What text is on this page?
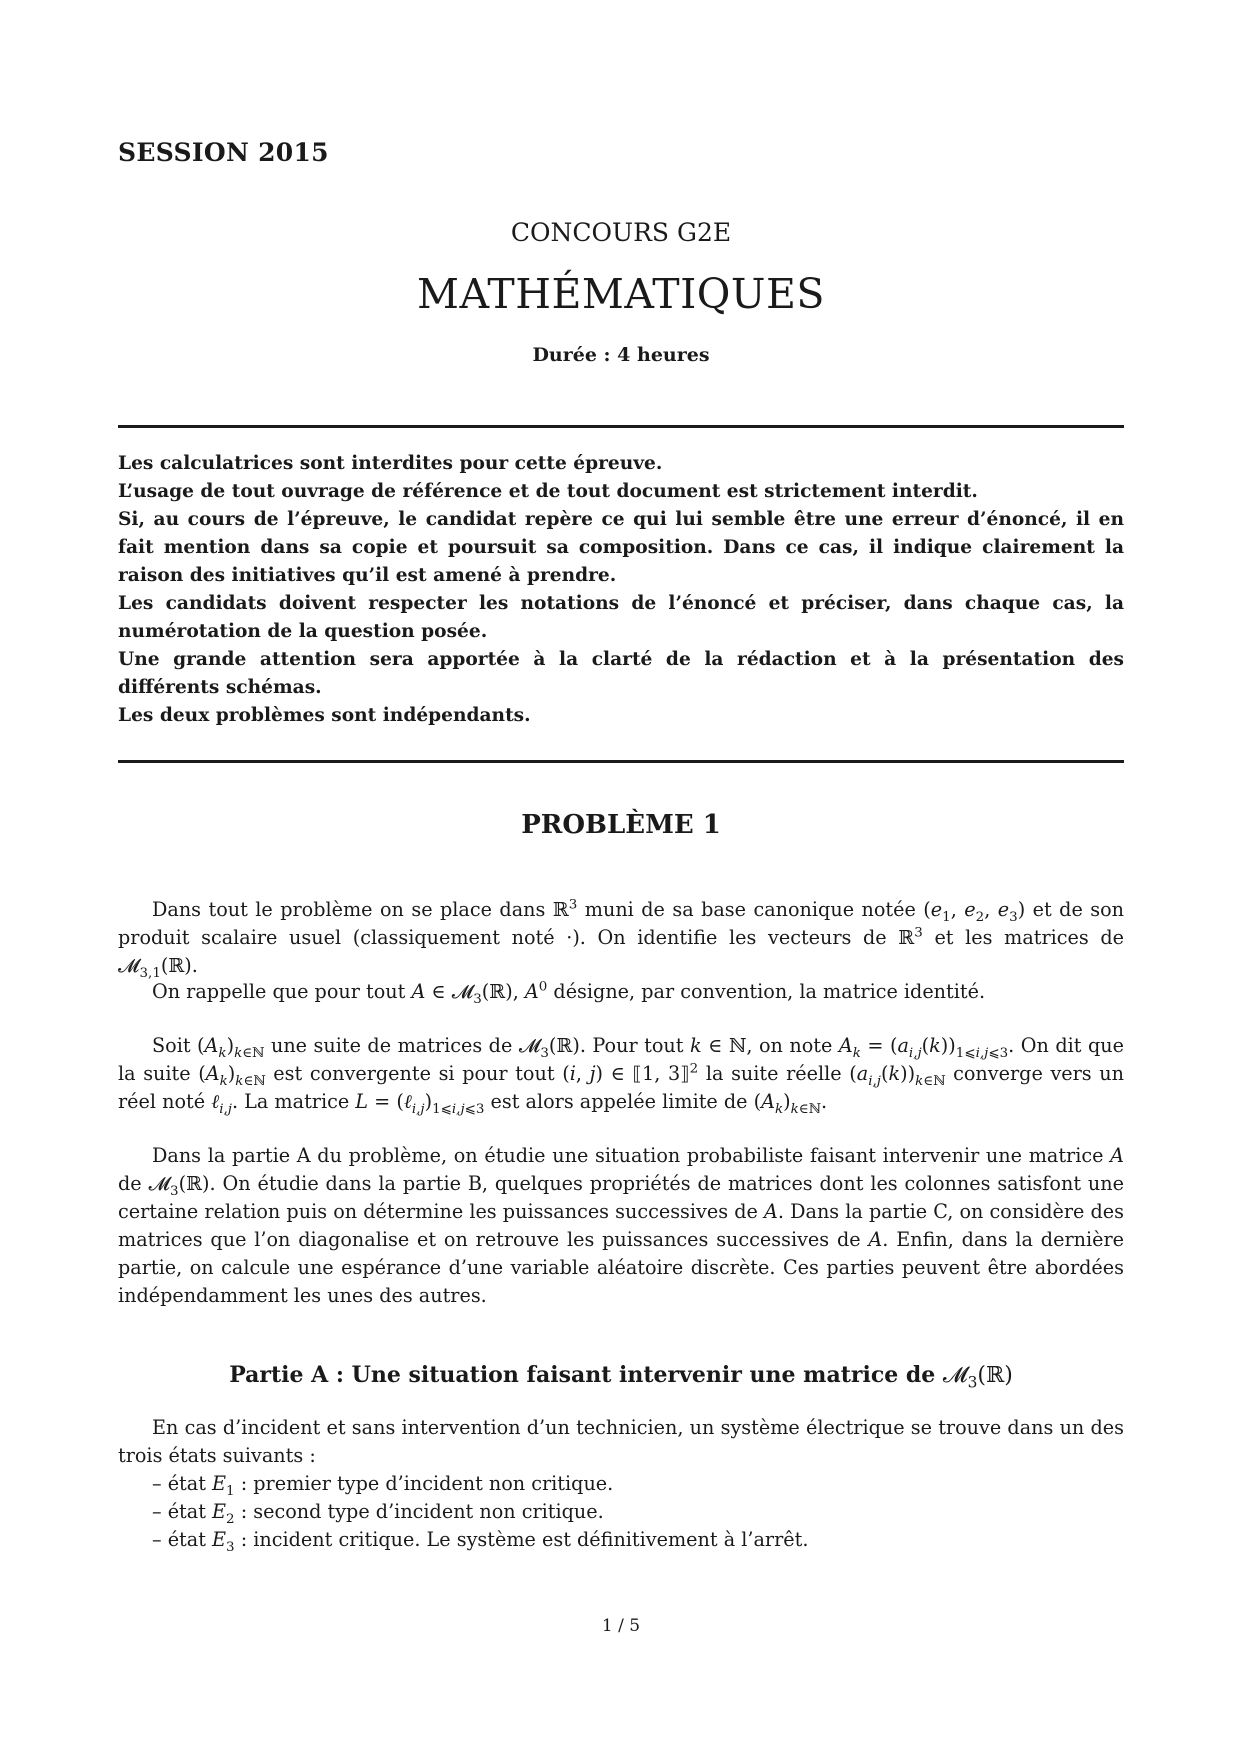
SESSION 2015
CONCOURS G2E
MATHÉMATIQUES
Durée : 4 heures

Les calculatrices sont interdites pour cette épreuve.

L’usage de tout ouvrage de référence et de tout document est strictement interdit.

Si, au cours de l’épreuve, le candidat repère ce qui lui semble être une erreur d’énoncé, il en fait mention dans sa copie et poursuit sa composition. Dans ce cas, il indique clairement la raison des initiatives qu’il est amené à prendre.

Les candidats doivent respecter les notations de l’énoncé et préciser, dans chaque cas, la numérotation de la question posée.

Une grande attention sera apportée à la clarté de la rédaction et à la présentation des différents schémas.

Les deux problèmes sont indépendants.

PROBLÈME 1

Dans tout le problème on se place dans ℝ$^3$ muni de sa base canonique notée ($e_1$, $e_2$, $e_3$) et de son produit scalaire usuel (classiquement noté ·). On identifie les vecteurs de ℝ$^3$ et les matrices de 𝓜$_{3,1}$(ℝ).

On rappelle que pour tout A ∈ 𝓜$_3$(ℝ), $A^0$ désigne, par convention, la matrice identité.

Soit $(A_k)_{k\in ℕ}$ une suite de matrices de 𝓜$_3$(ℝ). Pour tout k ∈ ℕ, on note $A_k = (a_{i,j}(k))_{1⩽i,j⩽3}$. On dit que la suite $(A_k)_{k\in ℕ}$ est convergente si pour tout (i, j) ∈ ⟦1, 3⟧$^2$ la suite réelle $(a_{i,j}(k))_{k\in ℕ}$ converge vers un réel noté ℓ$_{i,j}$. La matrice $L = (\ell_{i,j})_{1⩽i,j⩽3}$ est alors appelée limite de $(A_k)_{k\in ℕ}$.

Dans la partie A du problème, on étudie une situation probabiliste faisant intervenir une matrice A de 𝓜$_3$(ℝ). On étudie dans la partie B, quelques propriétés de matrices dont les colonnes satisfont une certaine relation puis on détermine les puissances successives de A. Dans la partie C, on considère des matrices que l’on diagonalise et on retrouve les puissances successives de A. Enfin, dans la dernière partie, on calcule une espérance d’une variable aléatoire discrète. Ces parties peuvent être abordées indépendamment les unes des autres.

Partie A : Une situation faisant intervenir une matrice de 𝓜$_3$(ℝ)

En cas d’incident et sans intervention d’un technicien, un système électrique se trouve dans un des trois états suivants :

– état $E_1$ : premier type d’incident non critique.
– état $E_2$ : second type d’incident non critique.
– état $E_3$ : incident critique. Le système est définitivement à l’arrêt.
1 / 5
